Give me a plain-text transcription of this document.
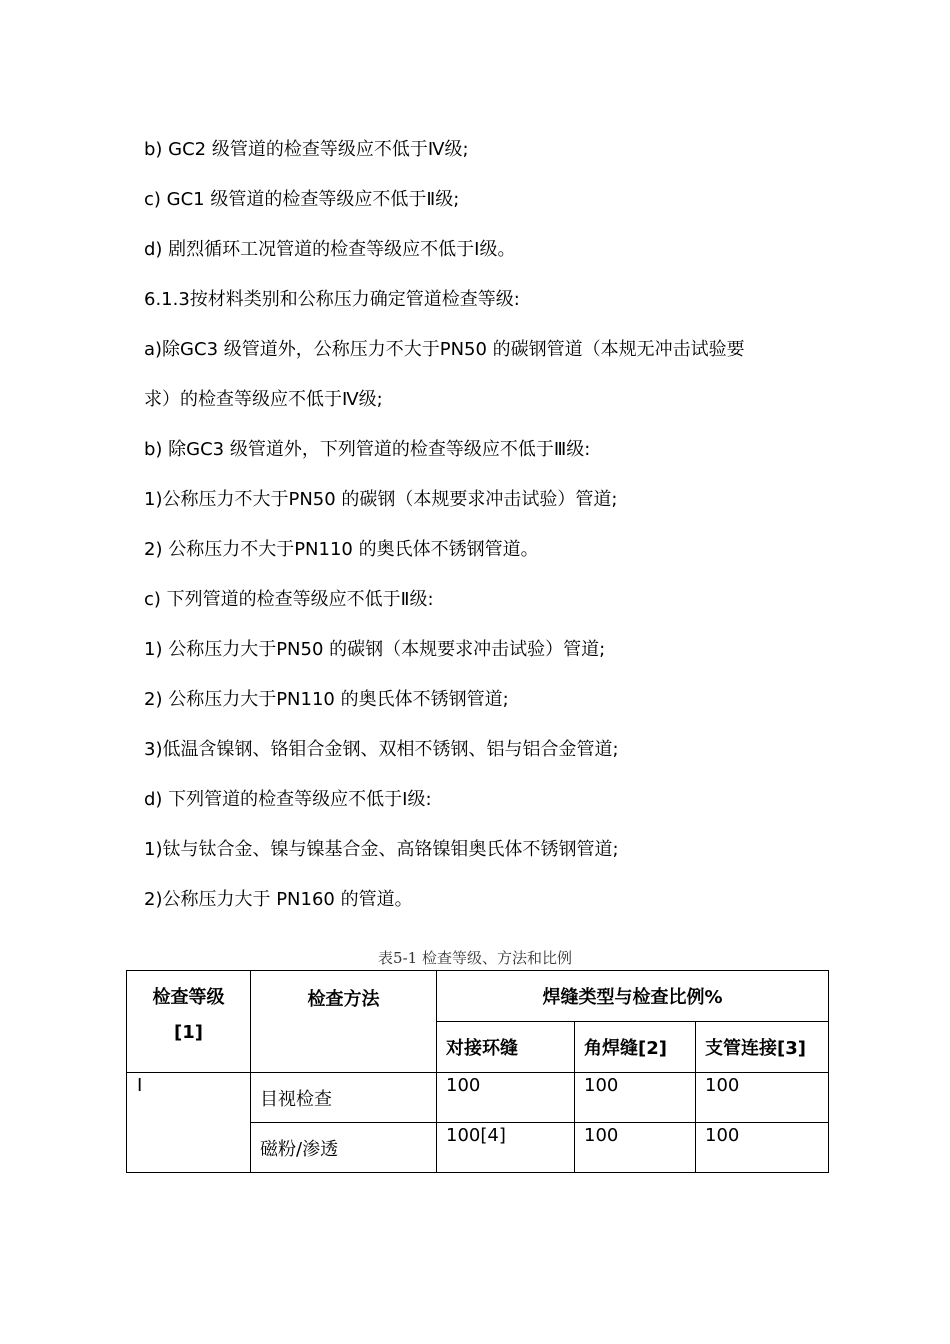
b) GC2 级管道的检查等级应不低于Ⅳ级;

c) GC1 级管道的检查等级应不低于Ⅱ级;

d) 剧烈循环工况管道的检查等级应不低于Ⅰ级。

6.1.3按材料类别和公称压力确定管道检查等级:

a)除GC3 级管道外，公称压力不大于PN50 的碳钢管道（本规无冲击试验要

求）的检查等级应不低于Ⅳ级;

b) 除GC3 级管道外，下列管道的检查等级应不低于Ⅲ级:

1)公称压力不大于PN50 的碳钢（本规要求冲击试验）管道;

2) 公称压力不大于PN110 的奥氏体不锈钢管道。

c) 下列管道的检查等级应不低于Ⅱ级:

1) 公称压力大于PN50 的碳钢（本规要求冲击试验）管道;

2) 公称压力大于PN110 的奥氏体不锈钢管道;

3)低温含镍钢、铬钼合金钢、双相不锈钢、铝与铝合金管道;

d) 下列管道的检查等级应不低于Ⅰ级:

1)钛与钛合金、镍与镍基合金、高铬镍钼奥氏体不锈钢管道;

2)公称压力大于 PN160 的管道。

表5-1 检查等级、方法和比例

检查等级
[1]	检查方法	焊缝类型与检查比例%		
		对接环缝	角焊缝[2]	支管连接[3]
I	目视检查	100	100	100
	磁粉/渗透	100[4]	100	100
